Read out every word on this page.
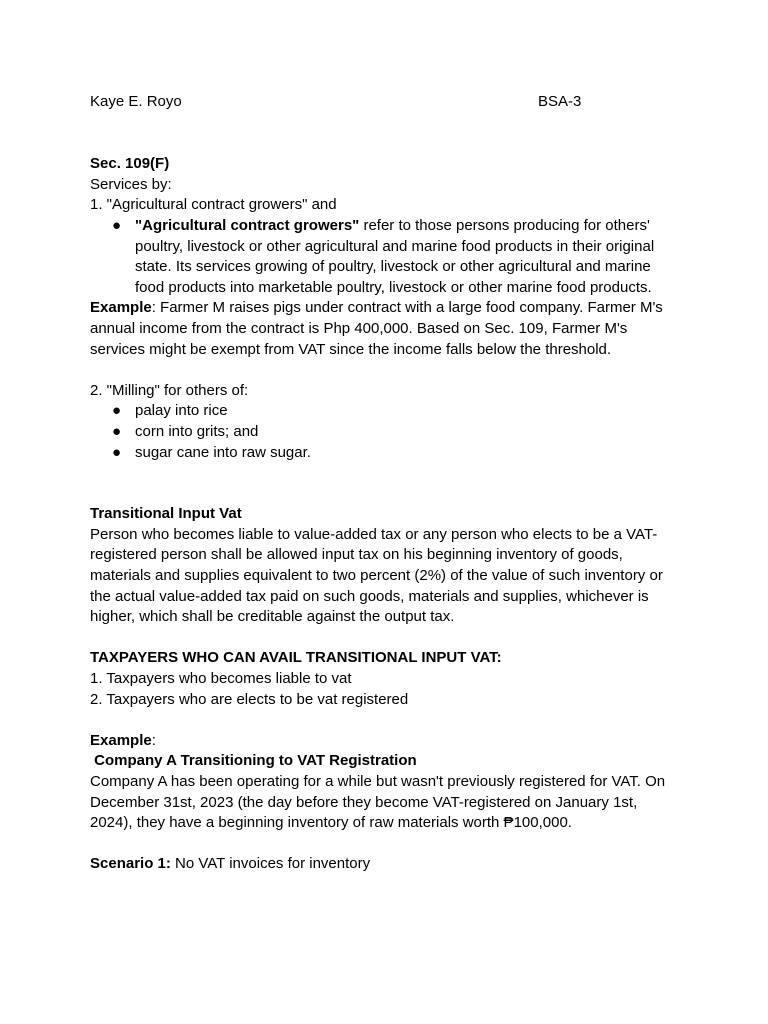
Kaye E. Royo	BSA-3

Sec. 109(F)

Services by:

1. "Agricultural contract growers" and

● "Agricultural contract growers" refer to those persons producing for others' poultry, livestock or other agricultural and marine food products in their original state. Its services growing of poultry, livestock or other agricultural and marine food products into marketable poultry, livestock or other marine food products.

Example: Farmer M raises pigs under contract with a large food company. Farmer M's annual income from the contract is Php 400,000. Based on Sec. 109, Farmer M's services might be exempt from VAT since the income falls below the threshold.

2. "Milling" for others of:

● palay into rice
● corn into grits; and
● sugar cane into raw sugar.

Transitional Input Vat

Person who becomes liable to value-added tax or any person who elects to be a VAT-registered person shall be allowed input tax on his beginning inventory of goods, materials and supplies equivalent to two percent (2%) of the value of such inventory or the actual value-added tax paid on such goods, materials and supplies, whichever is higher, which shall be creditable against the output tax.

TAXPAYERS WHO CAN AVAIL TRANSITIONAL INPUT VAT:

1. Taxpayers who becomes liable to vat

2. Taxpayers who are elects to be vat registered

Example:

Company A Transitioning to VAT Registration

Company A has been operating for a while but wasn't previously registered for VAT. On December 31st, 2023 (the day before they become VAT-registered on January 1st, 2024), they have a beginning inventory of raw materials worth ₱100,000.

Scenario 1: No VAT invoices for inventory
